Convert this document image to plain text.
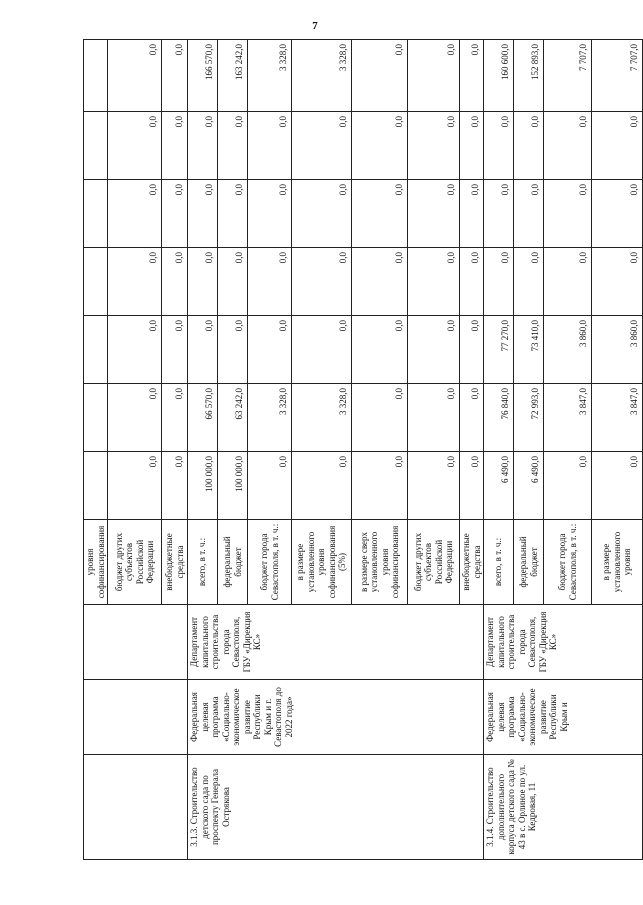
7
			уровня софинансирования							
			бюджет других субъектов Российской Федерации	0,0	0,0	0,0	0,0	0,0	0,0	0,0
			внебюджетные средства	0,0	0,0	0,0	0,0	0,0	0,0	0,0
3.1.3. Строительство детского сада по проспекту Генерала Острякова	Федеральная целевая программа «Социально-экономическое развитие Республики Крым и г. Севастополя до 2022 года»	Департамент капитального строительства города Севастополя, ГБУ «Дирекция КС»	всего, в т. ч.:	100 000,0	66 570,0	0,0	0,0	0,0	0,0	166 570,0
			федеральный бюджет	100 000,0	63 242,0	0,0	0,0	0,0	0,0	163 242,0
			бюджет города Севастополя, в т. ч.:	0,0	3 328,0	0,0	0,0	0,0	0,0	3 328,0
			в размере установленного уровня софинансирования (5%)	0,0	3 328,0	0,0	0,0	0,0	0,0	3 328,0
			в размере сверх установленного уровня софинансирования	0,0	0,0	0,0	0,0	0,0	0,0	0,0
			бюджет других субъектов Российской Федерации	0,0	0,0	0,0	0,0	0,0	0,0	0,0
			внебюджетные средства	0,0	0,0	0,0	0,0	0,0	0,0	0,0
3.1.4. Строительство дополнительного корпуса детского сада № 43 в с. Орлиное по ул. Кедровая, 11	Федеральная целевая программа «Социально-экономическое развитие Республики Крым и	Департамент капитального строительства города Севастополя, ГБУ «Дирекция КС»	всего, в т. ч.:	6 490,0	76 840,0	77 270,0	0,0	0,0	0,0	160 600,0
			федеральный бюджет	6 490,0	72 993,0	73 410,0	0,0	0,0	0,0	152 893,0
			бюджет города Севастополя, в т. ч.:	0,0	3 847,0	3 860,0	0,0	0,0	0,0	7 707,0
			в размере установленного уровня	0,0	3 847,0	3 860,0	0,0	0,0	0,0	7 707,0
